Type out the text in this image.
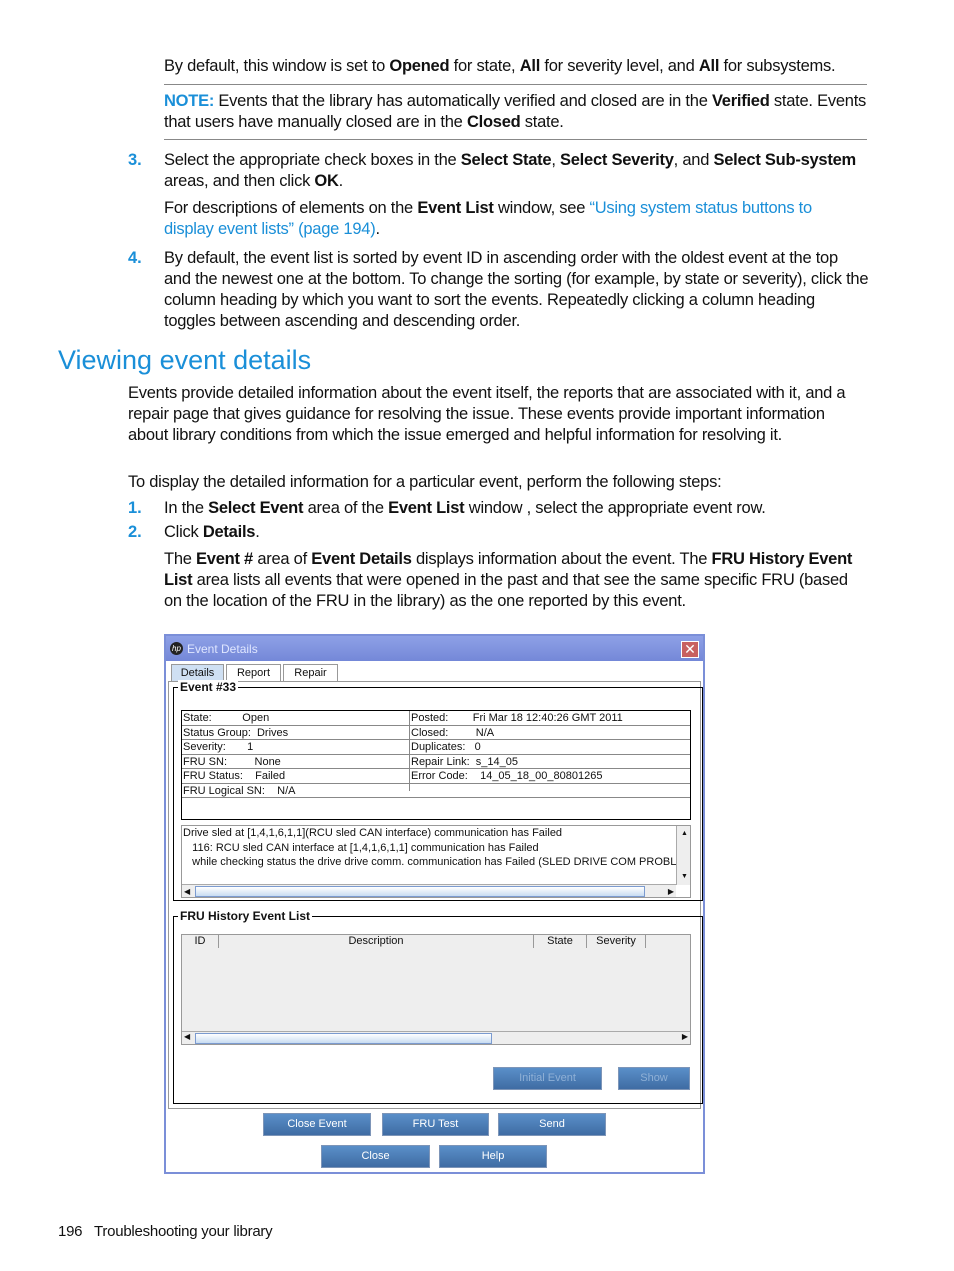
By default, this window is set to Opened for state, All for severity level, and All for subsystems.
NOTE: Events that the library has automatically verified and closed are in the Verified state. Events that users have manually closed are in the Closed state.
3. Select the appropriate check boxes in the Select State, Select Severity, and Select Sub-system areas, and then click OK.
For descriptions of elements on the Event List window, see “Using system status buttons to display event lists” (page 194).
4. By default, the event list is sorted by event ID in ascending order with the oldest event at the top and the newest one at the bottom. To change the sorting (for example, by state or severity), click the column heading by which you want to sort the events. Repeatedly clicking a column heading toggles between ascending and descending order.
Viewing event details
Events provide detailed information about the event itself, the reports that are associated with it, and a repair page that gives guidance for resolving the issue. These events provide important information about library conditions from which the issue emerged and helpful information for resolving it.
To display the detailed information for a particular event, perform the following steps:
1. In the Select Event area of the Event List window , select the appropriate event row.
2. Click Details.
The Event # area of Event Details displays information about the event. The FRU History Event List area lists all events that were opened in the past and that see the same specific FRU (based on the location of the FRU in the library) as the one reported by this event.
hp Event Details	✕
Details	Report	Repair
Event #33
State:          Open	Posted:        Fri Mar 18 12:40:26 GMT 2011
Status Group:  Drives	Closed:         N/A
Severity:       1	Duplicates:   0
FRU SN:         None	Repair Link:  s_14_05
FRU Status:    Failed	Error Code:    14_05_18_00_80801265
FRU Logical SN:    N/A
Drive sled at [1,4,1,6,1,1](RCU sled CAN interface) communication has Failed
116: RCU sled CAN interface at [1,4,1,6,1,1] communication has Failed
while checking status the drive drive comm. communication has Failed (SLED DRIVE COM PROBL

▲

▼

◀

	▶

FRU History Event List
ID	Description	State	Severity
◀	▶
Initial Event	Show
Close Event	FRU Test	Send
Close	Help
196 Troubleshooting your library
